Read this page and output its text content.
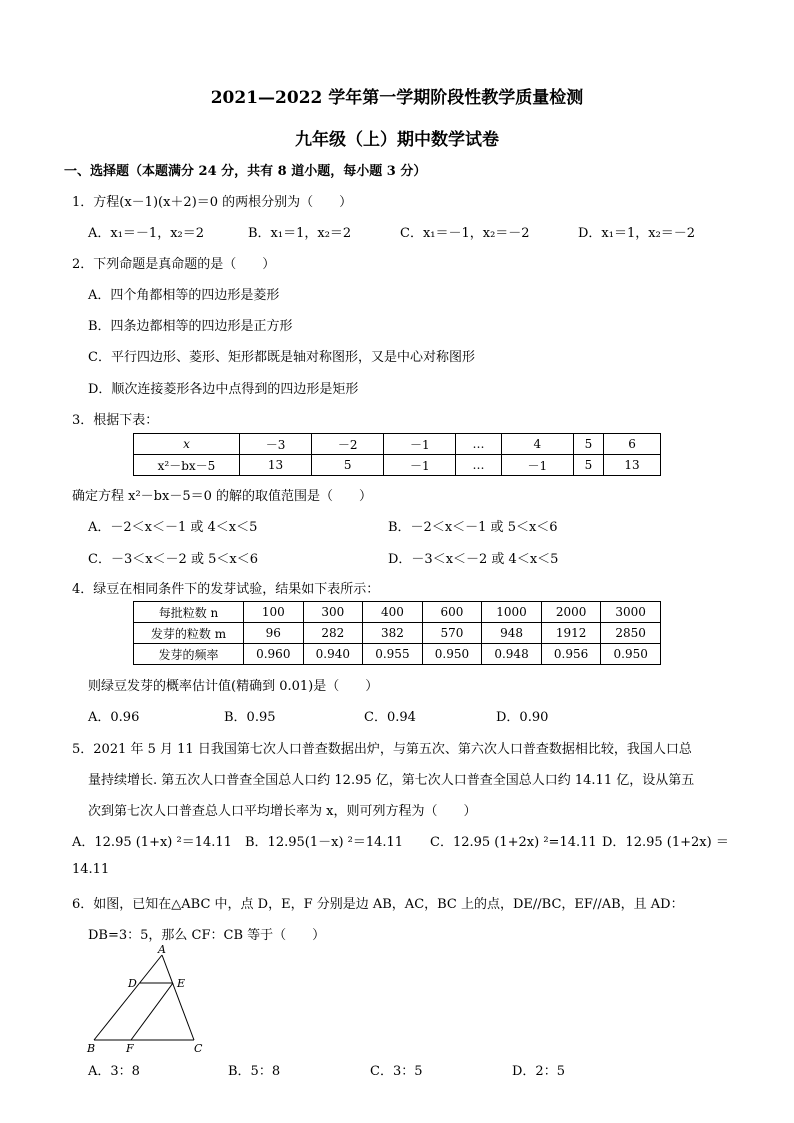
2021—2022 学年第一学期阶段性教学质量检测
九年级（上）期中数学试卷
一、选择题（本题满分 24 分，共有 8 道小题，每小题 3 分）
1．方程(x－1)(x＋2)＝0 的两根分别为（　　）
A．x₁＝－1，x₂＝2	B．x₁＝1，x₂＝2	C．x₁＝－1，x₂＝－2	D．x₁＝1，x₂＝－2
2．下列命题是真命题的是（　　）
A．四个角都相等的四边形是菱形
B．四条边都相等的四边形是正方形
C．平行四边形、菱形、矩形都既是轴对称图形，又是中心对称图形
D．顺次连接菱形各边中点得到的四边形是矩形
3．根据下表：
x	－3	－2	－1	…	4	5	6
x²－bx－5	13	5	－1	…	－1	5	13
确定方程 x²－bx－5＝0 的解的取值范围是（　　）
A．－2＜x＜－1 或 4＜x＜5	B．－2＜x＜－1 或 5＜x＜6
C．－3＜x＜－2 或 5＜x＜6	D．－3＜x＜－2 或 4＜x＜5
4．绿豆在相同条件下的发芽试验，结果如下表所示：
每批粒数 n	100	300	400	600	1000	2000	3000
发芽的粒数 m	96	282	382	570	948	1912	2850
发芽的频率	0.960	0.940	0.955	0.950	0.948	0.956	0.950
则绿豆发芽的概率估计值(精确到 0.01)是（　　）
A．0.96	B．0.95	C．0.94	D．0.90
5．2021 年 5 月 11 日我国第七次人口普查数据出炉，与第五次、第六次人口普查数据相比较，我国人口总
量持续增长. 第五次人口普查全国总人口约 12.95 亿，第七次人口普查全国总人口约 14.11 亿，设从第五
次到第七次人口普查总人口平均增长率为 x，则可列方程为（　　）
A．12.95 (1+x) ²＝14.11 B．12.95(1－x) ²＝14.11 C．12.95 (1+2x) ²=14.11 D．12.95 (1+2x) ＝
14.11
6．如图，已知在△ABC 中，点 D，E，F 分别是边 AB，AC，BC 上的点，DE//BC，EF//AB，且 AD：
DB=3：5，那么 CF：CB 等于（　　）
A
D	E
B	F	C
A．3：8	B．5：8	C．3：5	D．2：5
